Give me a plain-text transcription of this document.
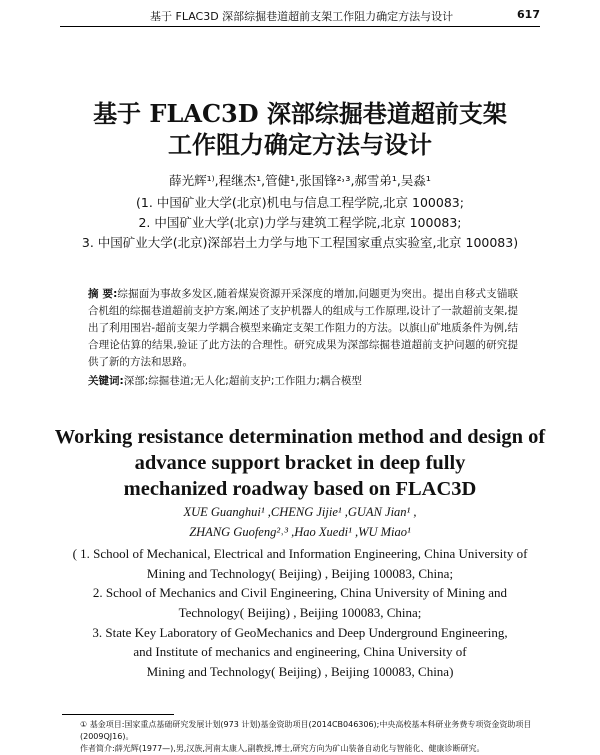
基于 FLAC3D 深部综掘巷道超前支架工作阻力确定方法与设计	617
基于 FLAC3D 深部综掘巷道超前支架
工作阻力确定方法与设计
薛光辉¹⁾,程继杰¹,管健¹,张国锋²˒³,郝雪弟¹,吴淼¹
(1. 中国矿业大学(北京)机电与信息工程学院,北京 100083;
2. 中国矿业大学(北京)力学与建筑工程学院,北京 100083;
3. 中国矿业大学(北京)深部岩土力学与地下工程国家重点实验室,北京 100083)
摘 要:综掘面为事故多发区,随着煤炭资源开采深度的增加,问题更为突出。提出自移式支锚联合机组的综掘巷道超前支护方案,阐述了支护机器人的组成与工作原理,设计了一款超前支架,提出了利用围岩-超前支架力学耦合模型来确定支架工作阻力的方法。以旗山矿地质条件为例,结合理论估算的结果,验证了此方法的合理性。研究成果为深部综掘巷道超前支护问题的研究提供了新的方法和思路。
关键词:深部;综掘巷道;无人化;超前支护;工作阻力;耦合模型
Working resistance determination method and design of
advance support bracket in deep fully
mechanized roadway based on FLAC3D
XUE Guanghui¹ ,CHENG Jijie¹ ,GUAN Jian¹ ,
ZHANG Guofeng²˒³ ,Hao Xuedi¹ ,WU Miao¹
( 1. School of Mechanical, Electrical and Information Engineering, China University of
Mining and Technology( Beijing) , Beijing 100083, China;
2. School of Mechanics and Civil Engineering, China University of Mining and
Technology( Beijing) , Beijing 100083, China;
3. State Key Laboratory of GeoMechanics and Deep Underground Engineering,
and Institute of mechanics and engineering, China University of
Mining and Technology( Beijing) , Beijing 100083, China)
① 基金项目:国家重点基础研究发展计划(973 计划)基金资助项目(2014CB046306);中央高校基本科研业务费专项资金资助项目(2009QJ16)。
作者简介:薛光辉(1977—),男,汉族,河南太康人,副教授,博士,研究方向为矿山装备自动化与智能化、健康诊断研究。
